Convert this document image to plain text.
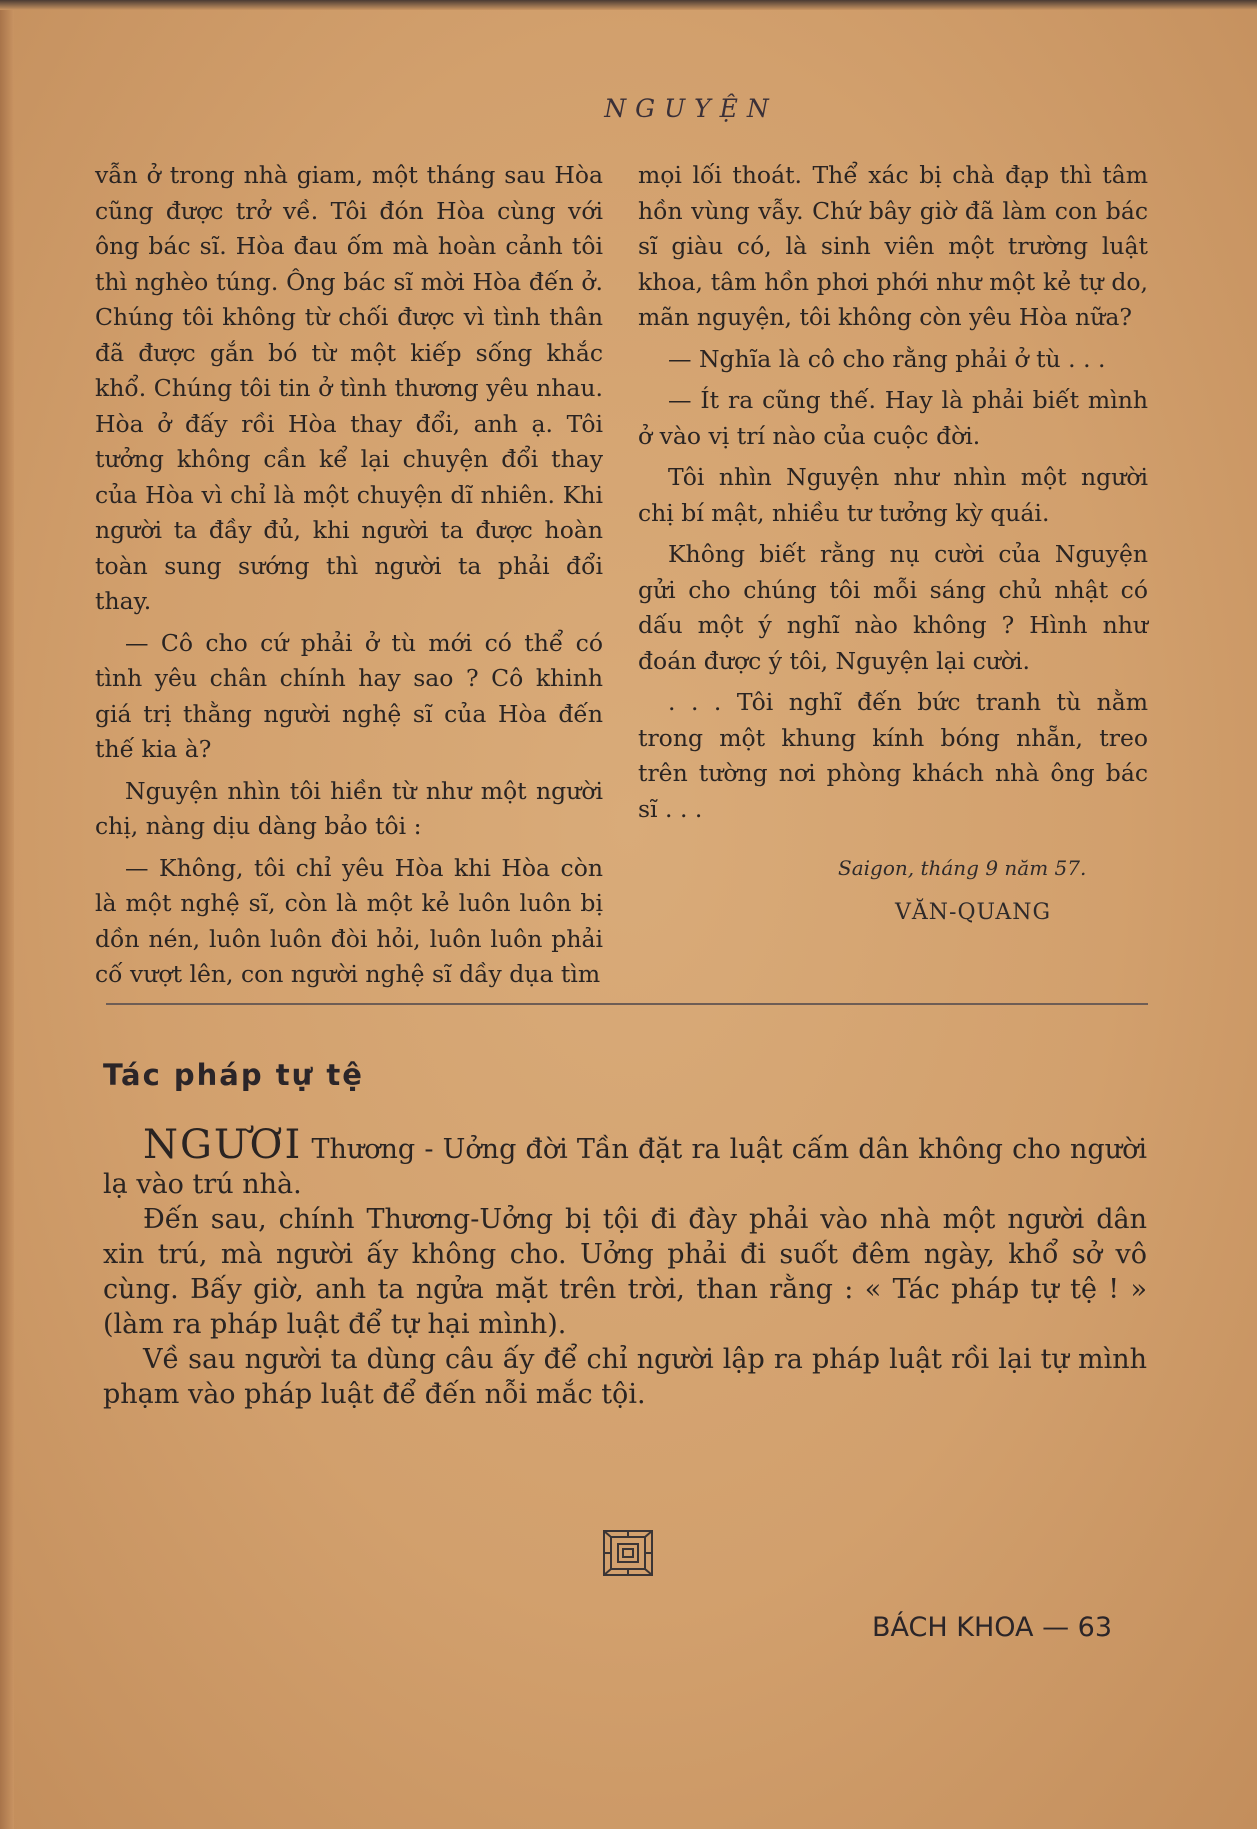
NGUYỆN

vẫn ở trong nhà giam, một tháng sau Hòa cũng được trở về. Tôi đón Hòa cùng với ông bác sĩ. Hòa đau ốm mà hoàn cảnh tôi thì nghèo túng. Ông bác sĩ mời Hòa đến ở. Chúng tôi không từ chối được vì tình thân đã được gắn bó từ một kiếp sống khắc khổ. Chúng tôi tin ở tình thương yêu nhau. Hòa ở đấy rồi Hòa thay đổi, anh ạ. Tôi tưởng không cần kể lại chuyện đổi thay của Hòa vì chỉ là một chuyện dĩ nhiên. Khi người ta đầy đủ, khi người ta được hoàn toàn sung sướng thì người ta phải đổi thay.

— Cô cho cứ phải ở tù mới có thể có tình yêu chân chính hay sao ? Cô khinh giá trị thằng người nghệ sĩ của Hòa đến thế kia à?

Nguyện nhìn tôi hiền từ như một người chị, nàng dịu dàng bảo tôi :

— Không, tôi chỉ yêu Hòa khi Hòa còn là một nghệ sĩ, còn là một kẻ luôn luôn bị dồn nén, luôn luôn đòi hỏi, luôn luôn phải cố vượt lên, con người nghệ sĩ dầy dụa tìm

mọi lối thoát. Thể xác bị chà đạp thì tâm hồn vùng vẫy. Chứ bây giờ đã làm con bác sĩ giàu có, là sinh viên một trường luật khoa, tâm hồn phơi phới như một kẻ tự do, mãn nguyện, tôi không còn yêu Hòa nữa?

— Nghĩa là cô cho rằng phải ở tù . . .

— Ít ra cũng thế. Hay là phải biết mình ở vào vị trí nào của cuộc đời.

Tôi nhìn Nguyện như nhìn một người chị bí mật, nhiều tư tưởng kỳ quái.

Không biết rằng nụ cười của Nguyện gửi cho chúng tôi mỗi sáng chủ nhật có dấu một ý nghĩ nào không ? Hình như đoán được ý tôi, Nguyện lại cười.

. . . Tôi nghĩ đến bức tranh tù nằm trong một khung kính bóng nhẵn, treo trên tường nơi phòng khách nhà ông bác sĩ . . .

Saigon, tháng 9 năm 57.
VĂN-QUANG
Tác pháp tự tệ

NGƯƠI Thương - Uởng đời Tần đặt ra luật cấm dân không cho người lạ vào trú nhà.

Đến sau, chính Thương-Uởng bị tội đi đày phải vào nhà một người dân xin trú, mà người ấy không cho. Uởng phải đi suốt đêm ngày, khổ sở vô cùng. Bấy giờ, anh ta ngửa mặt trên trời, than rằng : « Tác pháp tự tệ ! » (làm ra pháp luật để tự hại mình).

Về sau người ta dùng câu ấy để chỉ người lập ra pháp luật rồi lại tự mình phạm vào pháp luật để đến nỗi mắc tội.

BÁCH KHOA — 63
